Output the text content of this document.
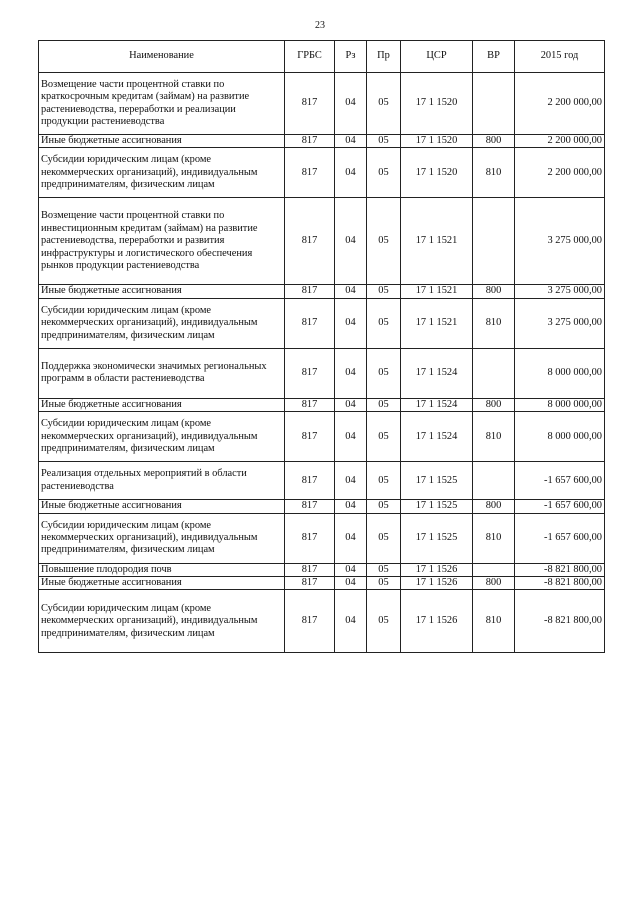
23
Наименование	ГРБС	Рз	Пр	ЦСР	ВР	2015 год
Возмещение части процентной ставки по краткосрочным кредитам (займам) на развитие растениеводства, переработки и реализации продукции растениеводства	817	04	05	17 1 1520		2 200 000,00
Иные бюджетные ассигнования	817	04	05	17 1 1520	800	2 200 000,00
Субсидии юридическим лицам (кроме некоммерческих организаций), индивидуальным предпринимателям, физическим лицам	817	04	05	17 1 1520	810	2 200 000,00
Возмещение части процентной ставки по инвестиционным кредитам (займам) на развитие растениеводства, переработки и развития инфраструктуры и логистического обеспечения рынков продукции растениеводства	817	04	05	17 1 1521		3 275 000,00
Иные бюджетные ассигнования	817	04	05	17 1 1521	800	3 275 000,00
Субсидии юридическим лицам (кроме некоммерческих организаций), индивидуальным предпринимателям, физическим лицам	817	04	05	17 1 1521	810	3 275 000,00
Поддержка экономически значимых региональных программ в области растениеводства	817	04	05	17 1 1524		8 000 000,00
Иные бюджетные ассигнования	817	04	05	17 1 1524	800	8 000 000,00
Субсидии юридическим лицам (кроме некоммерческих организаций), индивидуальным предпринимателям, физическим лицам	817	04	05	17 1 1524	810	8 000 000,00
Реализация отдельных мероприятий в области растениеводства	817	04	05	17 1 1525		-1 657 600,00
Иные бюджетные ассигнования	817	04	05	17 1 1525	800	-1 657 600,00
Субсидии юридическим лицам (кроме некоммерческих организаций), индивидуальным предпринимателям, физическим лицам	817	04	05	17 1 1525	810	-1 657 600,00
Повышение плодородия почв	817	04	05	17 1 1526		-8 821 800,00
Иные бюджетные ассигнования	817	04	05	17 1 1526	800	-8 821 800,00
Субсидии юридическим лицам (кроме некоммерческих организаций), индивидуальным предпринимателям, физическим лицам	817	04	05	17 1 1526	810	-8 821 800,00
